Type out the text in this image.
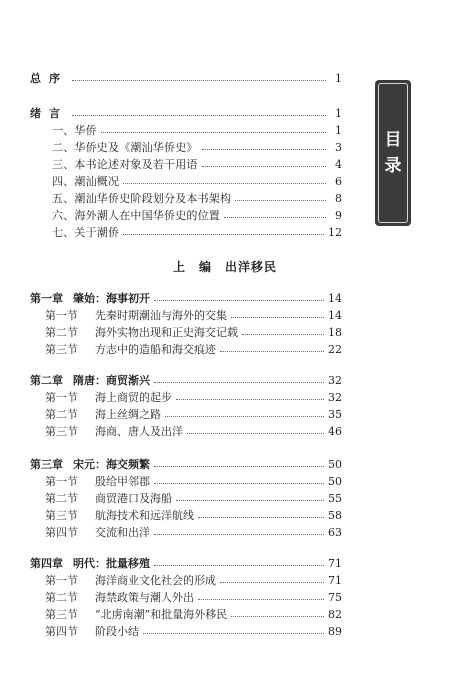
目
录
总序	1
绪言	1
一、华侨	1
二、华侨史及《潮汕华侨史》	3
三、本书论述对象及若干用语	4
四、潮汕概况	6
五、潮汕华侨史阶段划分及本书架构	8
六、海外潮人在中国华侨史的位置	9
七、关于潮侨	12
上　编　出洋移民
第一章 肇始：海事初开	14
第一节	先秦时期潮汕与海外的交集	14
第二节	海外实物出现和正史海交记载	18
第三节	方志中的造船和海交痕迹	22
第二章 隋唐：商贸渐兴	32
第一节	海上商贸的起步	32
第二节	海上丝绸之路	35
第三节	海商、唐人及出洋	46
第三章 宋元：海交频繁	50
第一节	殷给甲邻郡	50
第二节	商贸港口及海船	55
第三节	航海技术和远洋航线	58
第四节	交流和出洋	63
第四章 明代：批量移殖	71
第一节	海洋商业文化社会的形成	71
第二节	海禁政策与潮人外出	75
第三节	“北虏南潮”和批量海外移民	82
第四节	阶段小结	89
